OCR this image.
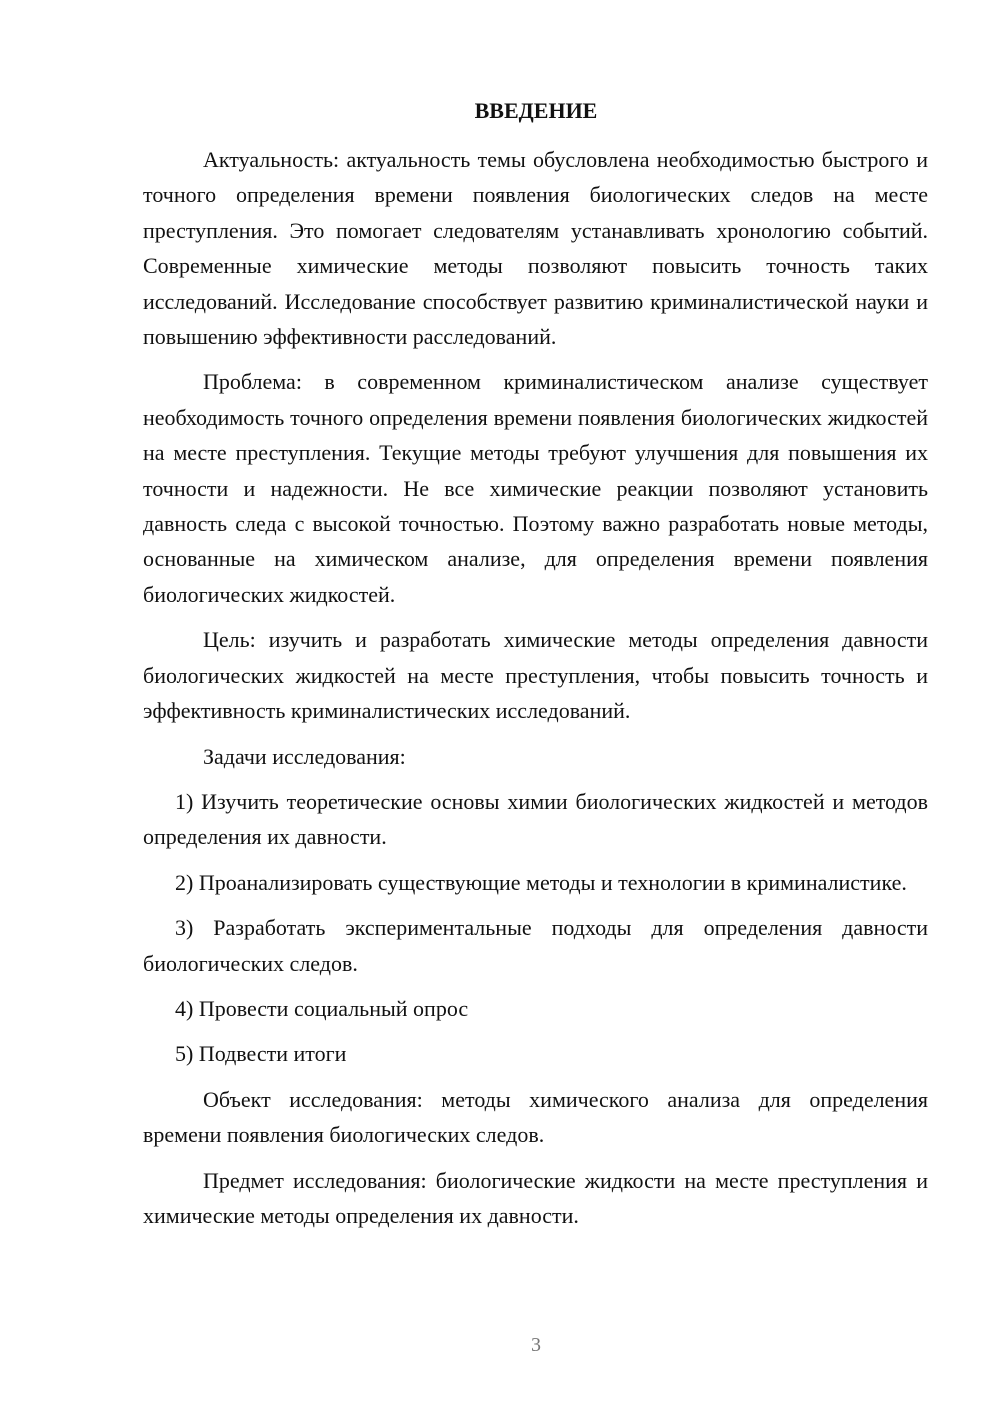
ВВЕДЕНИЕ

Актуальность: актуальность темы обусловлена необходимостью быстрого и точного определения времени появления биологических следов на месте преступления. Это помогает следователям устанавливать хронологию событий. Современные химические методы позволяют повысить точность таких исследований. Исследование способствует развитию криминалистической науки и повышению эффективности расследований.

Проблема: в современном криминалистическом анализе существует необходимость точного определения времени появления биологических жидкостей на месте преступления. Текущие методы требуют улучшения для повышения их точности и надежности. Не все химические реакции позволяют установить давность следа с высокой точностью. Поэтому важно разработать новые методы, основанные на химическом анализе, для определения времени появления биологических жидкостей.

Цель: изучить и разработать химические методы определения давности биологических жидкостей на месте преступления, чтобы повысить точность и эффективность криминалистических исследований.

Задачи исследования:

1) Изучить теоретические основы химии биологических жидкостей и методов определения их давности.

2) Проанализировать существующие методы и технологии в криминалистике.

3) Разработать экспериментальные подходы для определения давности биологических следов.

4) Провести социальный опрос

5) Подвести итоги

Объект исследования: методы химического анализа для определения времени появления биологических следов.

Предмет исследования: биологические жидкости на месте преступления и химические методы определения их давности.

3
